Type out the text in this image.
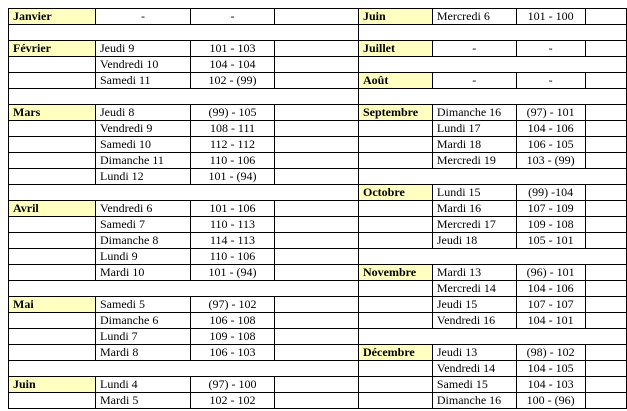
Janvier	-	-	

Février	Jeudi 9	101 - 103	
	Vendredi 10	104 - 104	
	Samedi 11	102 - (99)	

Mars	Jeudi 8	(99) - 105	
	Vendredi 9	108 - 111	
	Samedi 10	112 - 112	
	Dimanche 11	110 - 106	
	Lundi 12	101 - (94)	

Avril	Vendredi 6	101 - 106	
	Samedi 7	110 - 113	
	Dimanche 8	114 - 113	
	Lundi 9	110 - 106	
	Mardi 10	101 - (94)	

Mai	Samedi 5	(97) - 102	
	Dimanche 6	106 - 108	
	Lundi 7	109 - 108	
	Mardi 8	106 - 103	

Juin	Lundi 4	(97) - 100	
	Mardi 5	102 - 102	
Juin	Mercredi 6	101 - 100	

Juillet	-	-	

Août	-	-	

Septembre	Dimanche 16	(97) - 101	
	Lundi 17	104 - 106	
	Mardi 18	106 - 105	
	Mercredi 19	103 - (99)	

Octobre	Lundi 15	(99) -104	
	Mardi 16	107 - 109	
	Mercredi 17	109 - 108	
	Jeudi 18	105 - 101	

Novembre	Mardi 13	(96) - 101	
	Mercredi 14	104 - 106	
	Jeudi 15	107 - 107	
	Vendredi 16	104 - 101	

Décembre	Jeudi 13	(98) - 102	
	Vendredi 14	104 - 105	
	Samedi 15	104 - 103	
	Dimanche 16	100 - (96)	
